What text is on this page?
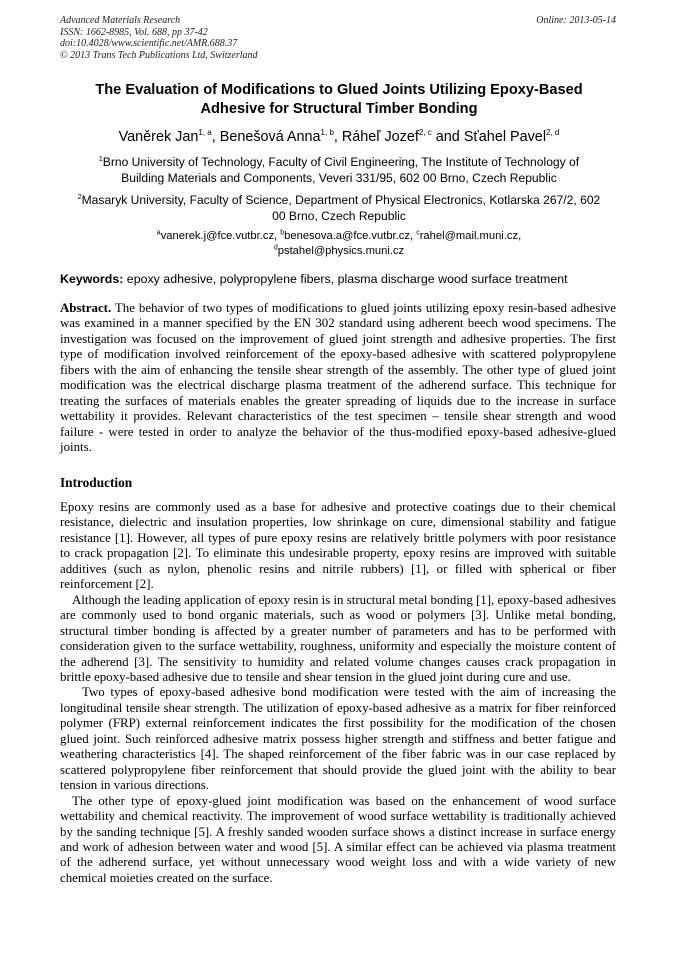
Advanced Materials Research
ISSN: 1662-8985, Vol. 688, pp 37-42
doi:10.4028/www.scientific.net/AMR.688.37
© 2013 Trans Tech Publications Ltd, Switzerland
Online: 2013-05-14
The Evaluation of Modifications to Glued Joints Utilizing Epoxy-Based
Adhesive for Structural Timber Bonding
Vaněrek Jan$^{1, a}$, Benešová Anna$^{1, b}$, Ráheľ Jozef$^{2, c}$ and Sťahel Pavel$^{2, d}$
$^1$Brno University of Technology, Faculty of Civil Engineering, The Institute of Technology of
Building Materials and Components, Veveri 331/95, 602 00 Brno, Czech Republic
$^2$Masaryk University, Faculty of Science, Department of Physical Electronics, Kotlarska 267/2, 602
00 Brno, Czech Republic
$^a$vanerek.j@fce.vutbr.cz, $^b$benesova.a@fce.vutbr.cz, $^c$rahel@mail.muni.cz,
$^d$pstahel@physics.muni.cz
Keywords: epoxy adhesive, polypropylene fibers, plasma discharge wood surface treatment
Abstract. The behavior of two types of modifications to glued joints utilizing epoxy resin-based adhesive was examined in a manner specified by the EN 302 standard using adherent beech wood specimens. The investigation was focused on the improvement of glued joint strength and adhesive properties. The first type of modification involved reinforcement of the epoxy-based adhesive with scattered polypropylene fibers with the aim of enhancing the tensile shear strength of the assembly. The other type of glued joint modification was the electrical discharge plasma treatment of the adherend surface. This technique for treating the surfaces of materials enables the greater spreading of liquids due to the increase in surface wettability it provides. Relevant characteristics of the test specimen – tensile shear strength and wood failure - were tested in order to analyze the behavior of the thus-modified epoxy-based adhesive-glued joints.
Introduction

Epoxy resins are commonly used as a base for adhesive and protective coatings due to their chemical resistance, dielectric and insulation properties, low shrinkage on cure, dimensional stability and fatigue resistance [1]. However, all types of pure epoxy resins are relatively brittle polymers with poor resistance to crack propagation [2]. To eliminate this undesirable property, epoxy resins are improved with suitable additives (such as nylon, phenolic resins and nitrile rubbers) [1], or filled with spherical or fiber reinforcement [2].

Although the leading application of epoxy resin is in structural metal bonding [1], epoxy-based adhesives are commonly used to bond organic materials, such as wood or polymers [3]. Unlike metal bonding, structural timber bonding is affected by a greater number of parameters and has to be performed with consideration given to the surface wettability, roughness, uniformity and especially the moisture content of the adherend [3]. The sensitivity to humidity and related volume changes causes crack propagation in brittle epoxy-based adhesive due to tensile and shear tension in the glued joint during cure and use.

Two types of epoxy-based adhesive bond modification were tested with the aim of increasing the longitudinal tensile shear strength. The utilization of epoxy-based adhesive as a matrix for fiber reinforced polymer (FRP) external reinforcement indicates the first possibility for the modification of the chosen glued joint. Such reinforced adhesive matrix possess higher strength and stiffness and better fatigue and weathering characteristics [4]. The shaped reinforcement of the fiber fabric was in our case replaced by scattered polypropylene fiber reinforcement that should provide the glued joint with the ability to bear tension in various directions.

The other type of epoxy-glued joint modification was based on the enhancement of wood surface wettability and chemical reactivity. The improvement of wood surface wettability is traditionally achieved by the sanding technique [5]. A freshly sanded wooden surface shows a distinct increase in surface energy and work of adhesion between water and wood [5]. A similar effect can be achieved via plasma treatment of the adherend surface, yet without unnecessary wood weight loss and with a wide variety of new chemical moieties created on the surface.
